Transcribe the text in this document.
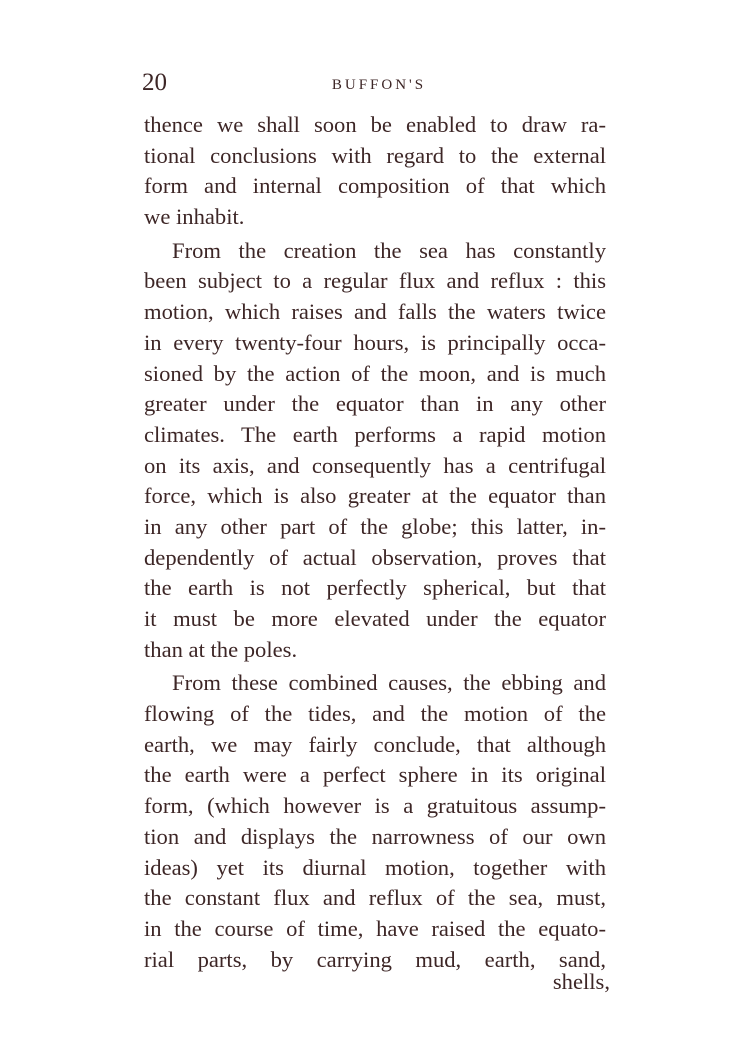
20	BUFFON'S
thence we shall soon be enabled to draw ra-
tional conclusions with regard to the external
form and internal composition of that which
we inhabit.
From the creation the sea has constantly
been subject to a regular flux and reflux : this
motion, which raises and falls the waters twice
in every twenty-four hours, is principally occa-
sioned by the action of the moon, and is much
greater under the equator than in any other
climates. The earth performs a rapid motion
on its axis, and consequently has a centrifugal
force, which is also greater at the equator than
in any other part of the globe; this latter, in-
dependently of actual observation, proves that
the earth is not perfectly spherical, but that
it must be more elevated under the equator
than at the poles.
From these combined causes, the ebbing and
flowing of the tides, and the motion of the
earth, we may fairly conclude, that although
the earth were a perfect sphere in its original
form, (which however is a gratuitous assump-
tion and displays the narrowness of our own
ideas) yet its diurnal motion, together with
the constant flux and reflux of the sea, must,
in the course of time, have raised the equato-
rial parts, by carrying mud, earth, sand,
shells,
